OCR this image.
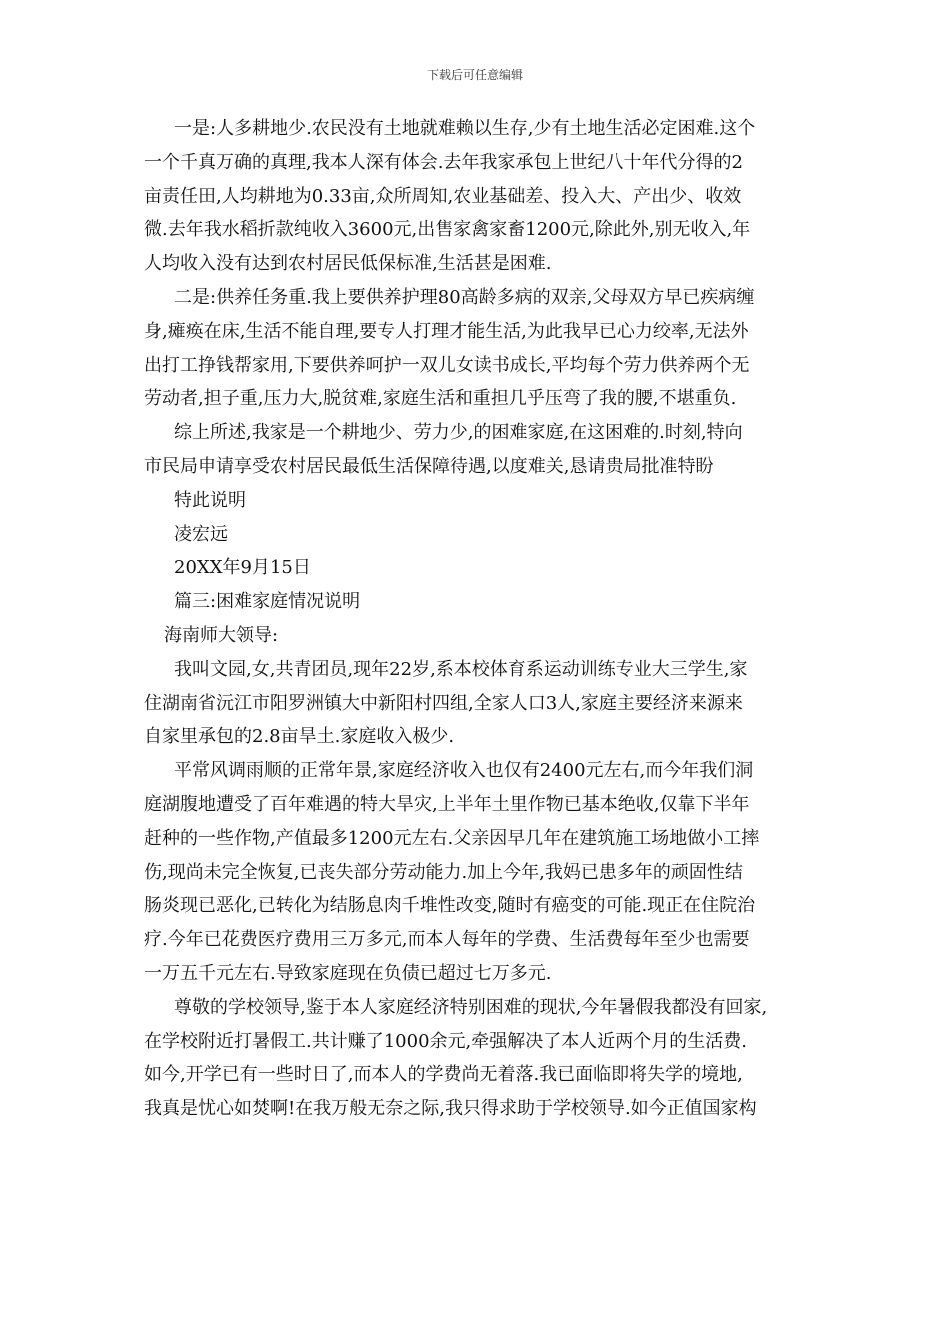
下载后可任意编辑
一是:人多耕地少.农民没有土地就难赖以生存,少有土地生活必定困难.这个
一个千真万确的真理,我本人深有体会.去年我家承包上世纪八十年代分得的2
亩责任田,人均耕地为0.33亩,众所周知,农业基础差、投入大、产出少、收效
微.去年我水稻折款纯收入3600元,出售家禽家畜1200元,除此外,别无收入,年
人均收入没有达到农村居民低保标准,生活甚是困难.
二是:供养任务重.我上要供养护理80高龄多病的双亲,父母双方早已疾病缠
身,瘫痪在床,生活不能自理,要专人打理才能生活,为此我早已心力绞率,无法外
出打工挣钱帮家用,下要供养呵护一双儿女读书成长,平均每个劳力供养两个无
劳动者,担子重,压力大,脱贫难,家庭生活和重担几乎压弯了我的腰,不堪重负.
综上所述,我家是一个耕地少、劳力少,的困难家庭,在这困难的.时刻,特向
市民局申请享受农村居民最低生活保障待遇,以度难关,恳请贵局批准特盼
特此说明
凌宏远
20XX年9月15日
篇三:困难家庭情况说明
海南师大领导:
我叫文园,女,共青团员,现年22岁,系本校体育系运动训练专业大三学生,家
住湖南省沅江市阳罗洲镇大中新阳村四组,全家人口3人,家庭主要经济来源来
自家里承包的2.8亩旱土.家庭收入极少.
平常风调雨顺的正常年景,家庭经济收入也仅有2400元左右,而今年我们洞
庭湖腹地遭受了百年难遇的特大旱灾,上半年土里作物已基本绝收,仅靠下半年
赶种的一些作物,产值最多1200元左右.父亲因早几年在建筑施工场地做小工摔
伤,现尚未完全恢复,已丧失部分劳动能力.加上今年,我妈已患多年的顽固性结
肠炎现已恶化,已转化为结肠息肉千堆性改变,随时有癌变的可能.现正在住院治
疗.今年已花费医疗费用三万多元,而本人每年的学费、生活费每年至少也需要
一万五千元左右.导致家庭现在负债已超过七万多元.
尊敬的学校领导,鉴于本人家庭经济特别困难的现状,今年暑假我都没有回家,
在学校附近打暑假工.共计赚了1000余元,牵强解决了本人近两个月的生活费.
如今,开学已有一些时日了,而本人的学费尚无着落.我已面临即将失学的境地,
我真是忧心如焚啊!在我万般无奈之际,我只得求助于学校领导.如今正值国家构
